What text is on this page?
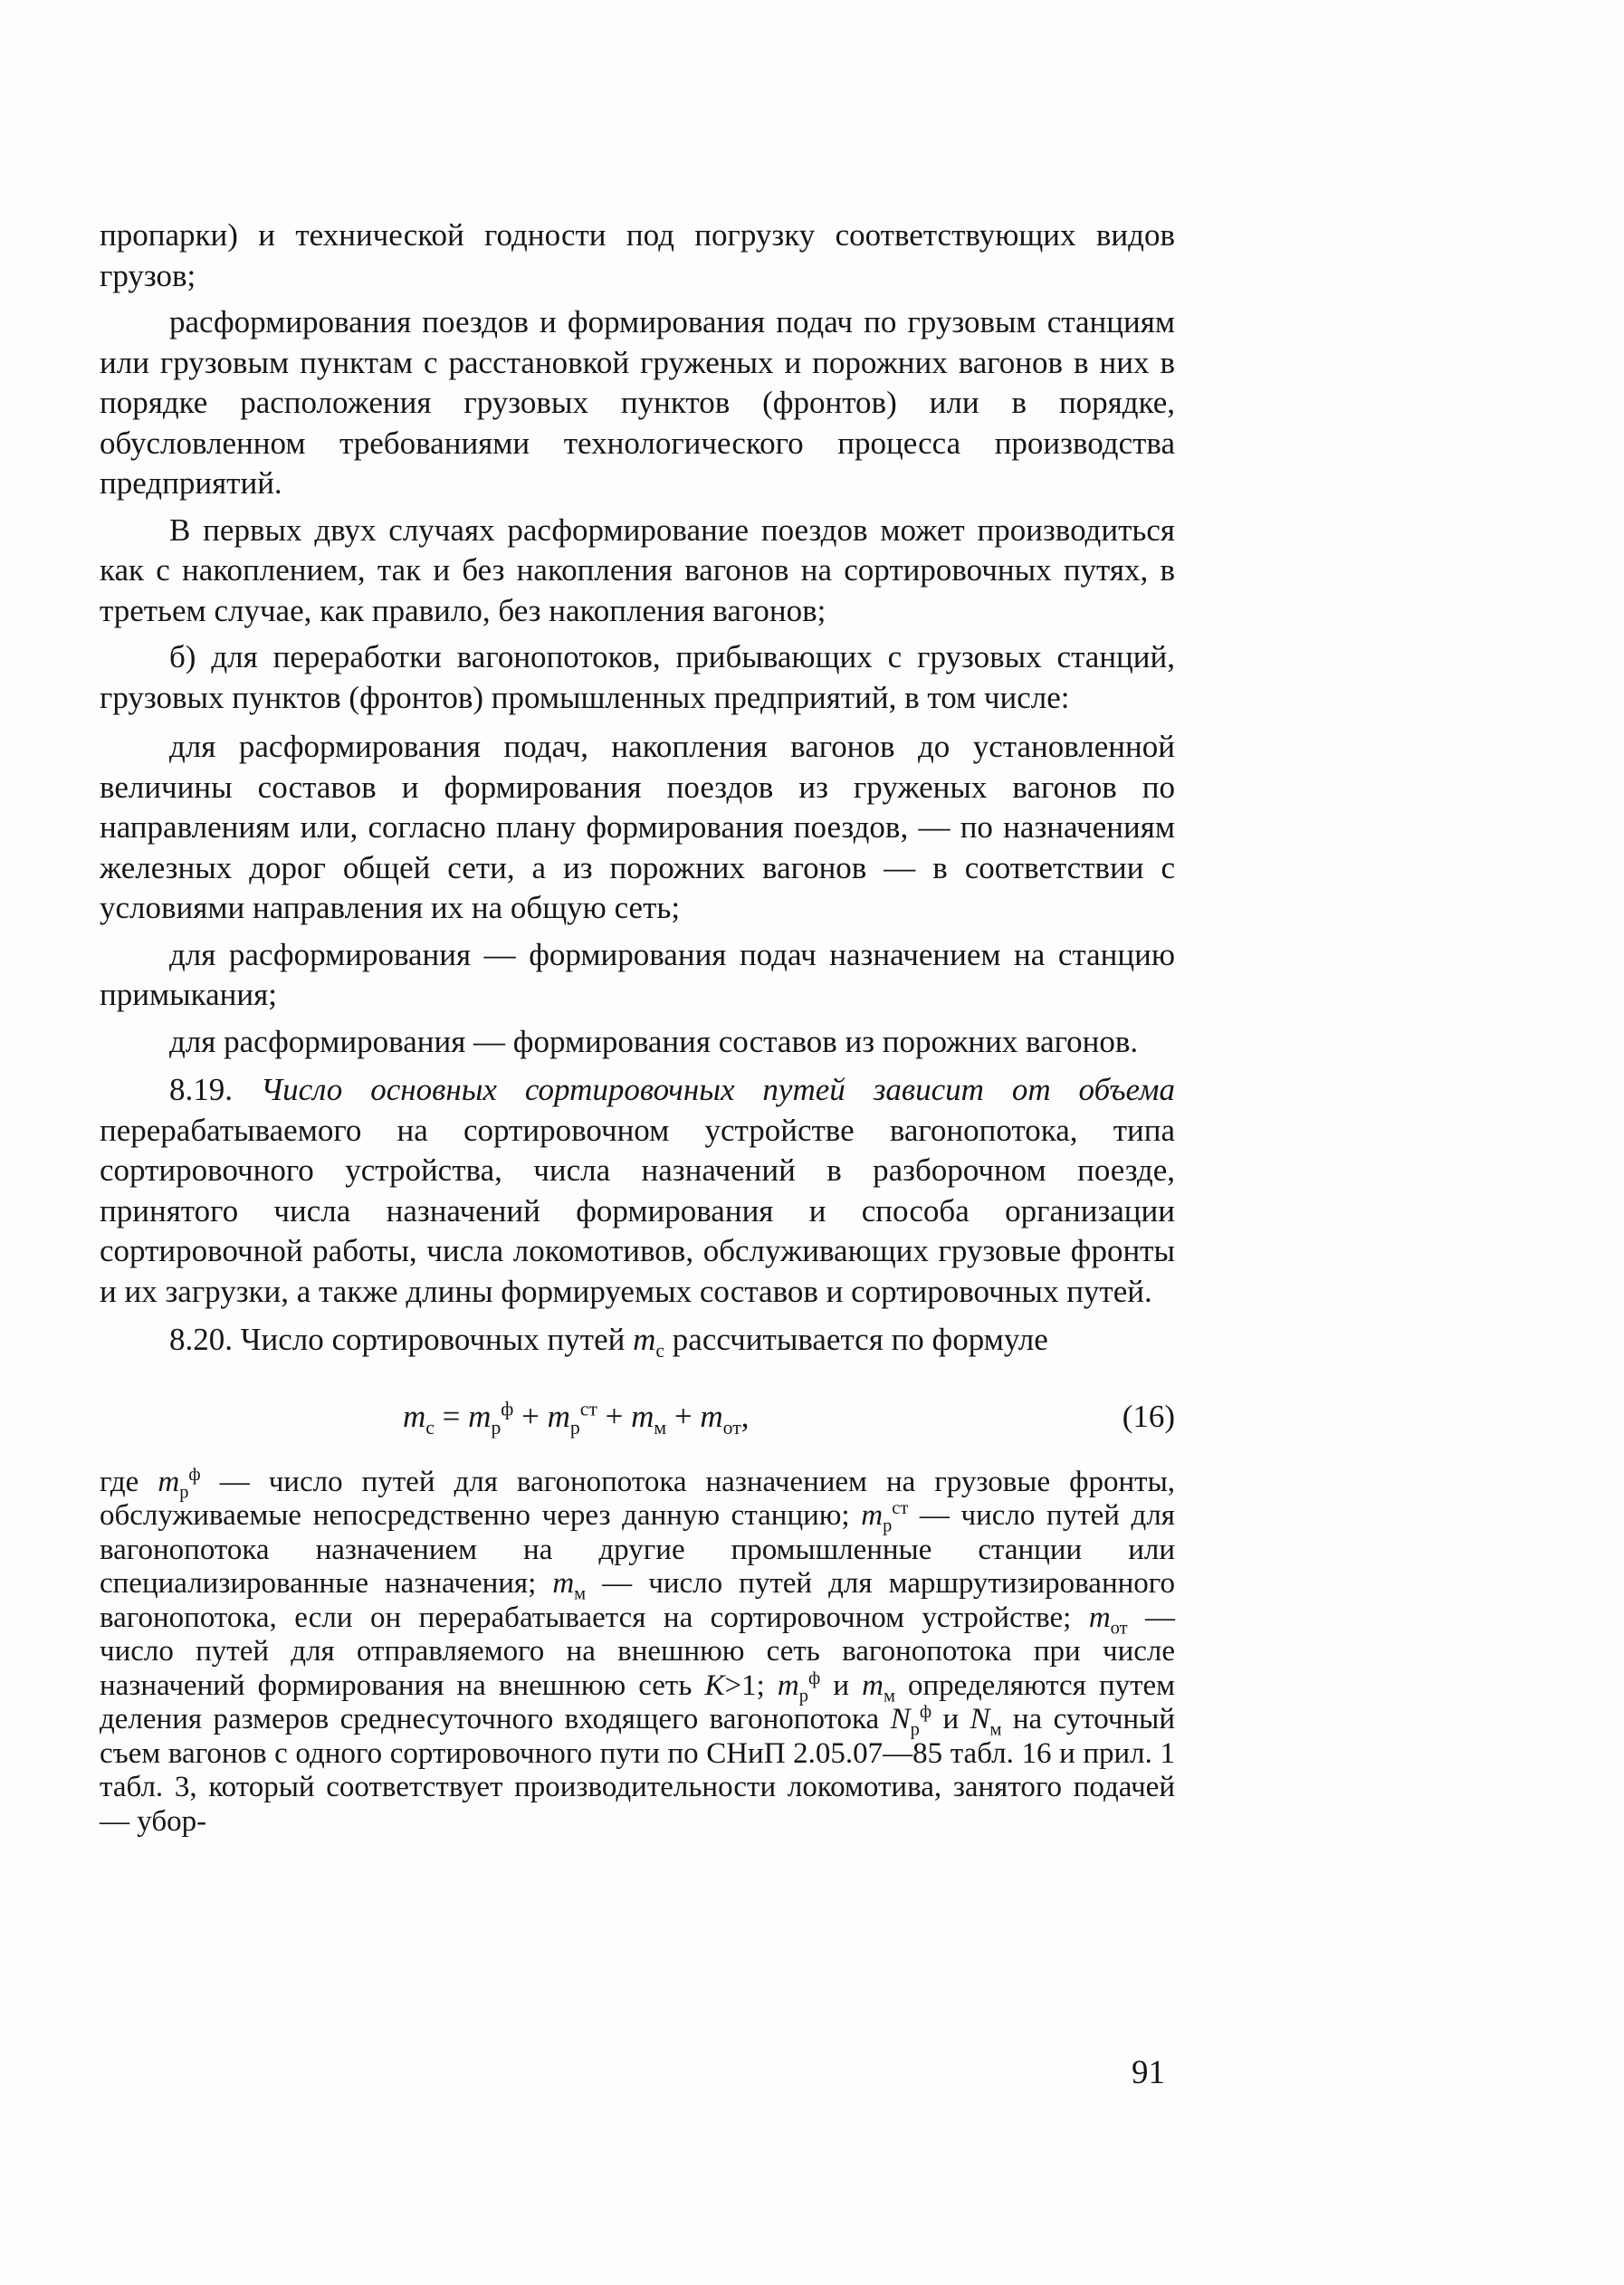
пропарки) и технической годности под погрузку соответствующих видов грузов;

расформирования поездов и формирования подач по грузовым станциям или грузовым пунктам с расстановкой груженых и порожних вагонов в них в порядке расположения грузовых пунктов (фронтов) или в порядке, обусловленном требованиями технологического процесса производства предприятий.

В первых двух случаях расформирование поездов может производиться как с накоплением, так и без накопления вагонов на сортировочных путях, в третьем случае, как правило, без накопления вагонов;

б) для переработки вагонопотоков, прибывающих с грузовых станций, грузовых пунктов (фронтов) промышленных предприятий, в том числе:

для расформирования подач, накопления вагонов до установленной величины составов и формирования поездов из груженых вагонов по направлениям или, согласно плану формирования поездов, — по назначениям железных дорог общей сети, а из порожних вагонов — в соответствии с условиями направления их на общую сеть;

для расформирования — формирования подач назначением на станцию примыкания;

для расформирования — формирования составов из порожних вагонов.

8.19. Число основных сортировочных путей зависит от объема перерабатываемого на сортировочном устройстве вагонопотока, типа сортировочного устройства, числа назначений в разборочном поезде, принятого числа назначений формирования и способа организации сортировочной работы, числа локомотивов, обслуживающих грузовые фронты и их загрузки, а также длины формируемых составов и сортировочных путей.

8.20. Число сортировочных путей $m_с$ рассчитывается по формуле

$m_с = m_р^ф + m_р^{ст} + m_м + m_{от}$,	(16)

где $m_р^ф$ — число путей для вагонопотока назначением на грузовые фронты, обслуживаемые непосредственно через данную станцию; $m_р^{ст}$ — число путей для вагонопотока назначением на другие промышленные станции или специализированные назначения; $m_м$ — число путей для маршрутизированного вагонопотока, если он перерабатывается на сортировочном устройстве; $m_{от}$ — число путей для отправляемого на внешнюю сеть вагонопотока при числе назначений формирования на внешнюю сеть K>1; $m_р^ф$ и $m_м$ определяются путем деления размеров среднесуточного входящего вагонопотока $N_р^ф$ и $N_м$ на суточный съем вагонов с одного сортировочного пути по СНиП 2.05.07—85 табл. 16 и прил. 1 табл. 3, который соответствует производительности локомотива, занятого подачей — убор-

91
